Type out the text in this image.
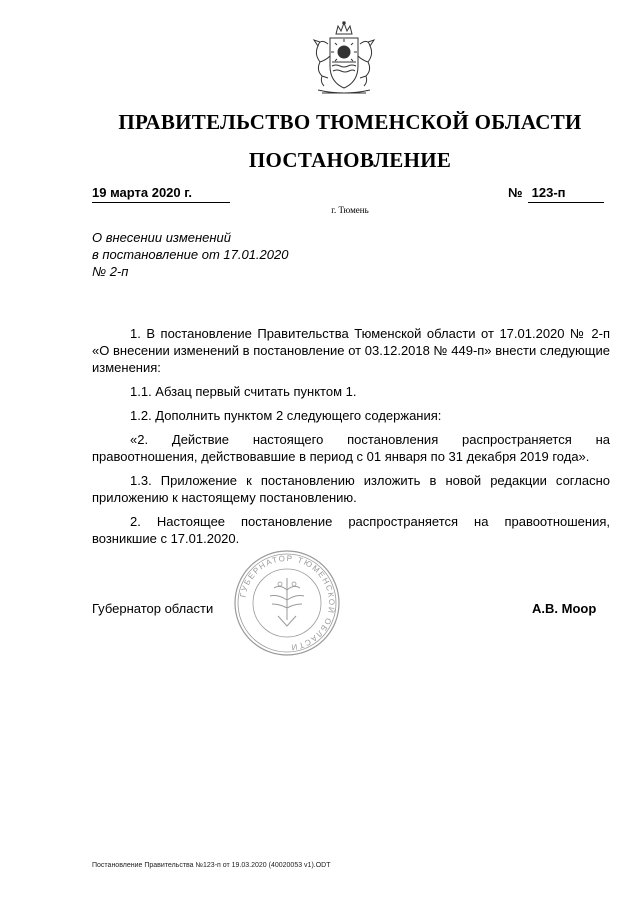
ПРАВИТЕЛЬСТВО ТЮМЕНСКОЙ ОБЛАСТИ
ПОСТАНОВЛЕНИЕ
19 марта 2020 г.	№ 123-п
г. Тюмень
О внесении изменений
в постановление от 17.01.2020
№ 2-п

1. В постановление Правительства Тюменской области от 17.01.2020 № 2-п «О внесении изменений в постановление от 03.12.2018 № 449-п» внести следующие изменения:

1.1. Абзац первый считать пунктом 1.

1.2. Дополнить пунктом 2 следующего содержания:

«2. Действие настоящего постановления распространяется на правоотношения, действовавшие в период с 01 января по 31 декабря 2019 года».

1.3. Приложение к постановлению изложить в новой редакции согласно приложению к настоящему постановлению.

2. Настоящее постановление распространяется на правоотношения, возникшие с 17.01.2020.

ГУБЕРНАТОР ТЮМЕНСКОЙ ОБЛАСТИ
Губернатор области	А.В. Моор
Постановление Правительства №123-п от 19.03.2020 (40020053 v1).ODT
